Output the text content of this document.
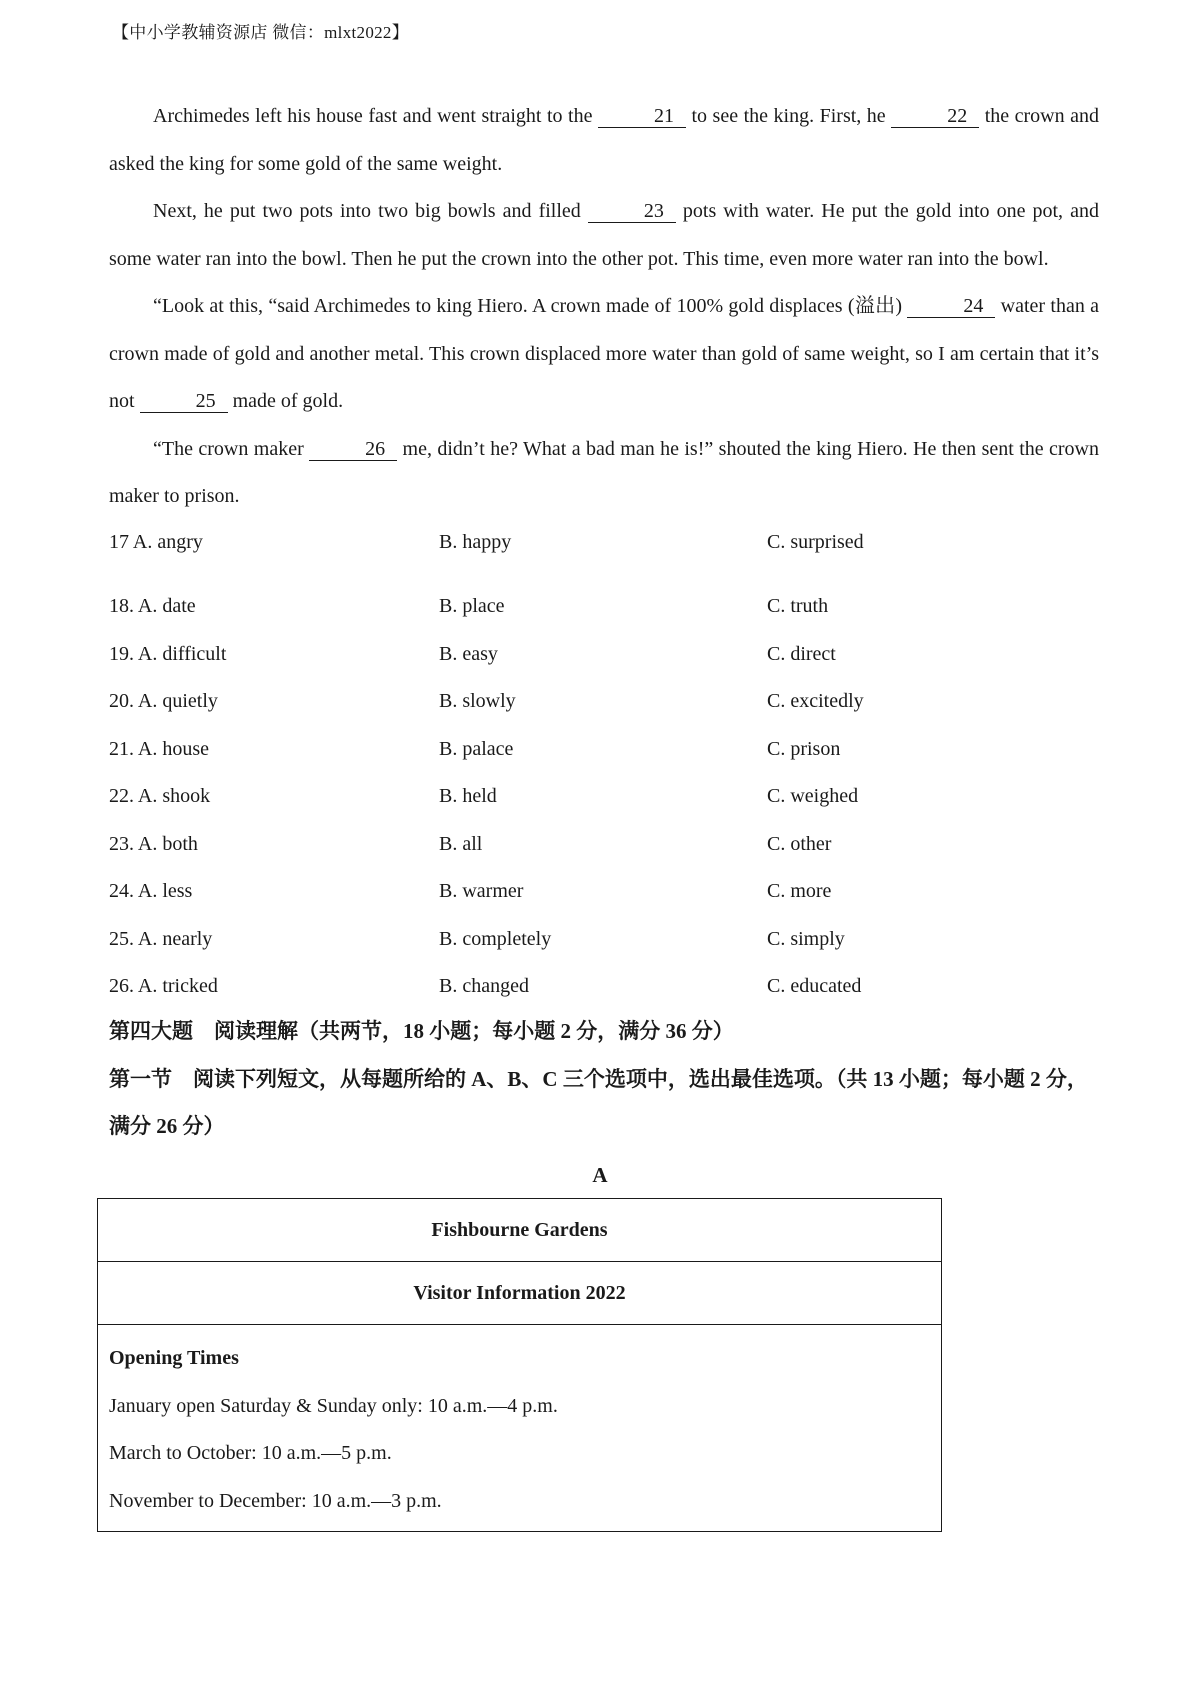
【中小学教辅资源店 微信：mlxt2022】

Archimedes left his house fast and went straight to the	21 to see the king. First, he	22 the crown and asked the king for some gold of the same weight.

Next, he put two pots into two big bowls and filled	23 pots with water. He put the gold into one pot, and some water ran into the bowl. Then he put the crown into the other pot. This time, even more water ran into the bowl.

“Look at this, “said Archimedes to king Hiero. A crown made of 100% gold displaces (溢出)	24 water than a crown made of gold and another metal. This crown displaced more water than gold of same weight, so I am certain that it’s not	25 made of gold.

“The crown maker	26 me, didn’t he? What a bad man he is!” shouted the king Hiero. He then sent the crown maker to prison.

17 A. angry	B. happy	C. surprised
18. A. date	B. place	C. truth
19. A. difficult	B. easy	C. direct
20. A. quietly	B. slowly	C. excitedly
21. A. house	B. palace	C. prison
22. A. shook	B. held	C. weighed
23. A. both	B. all	C. other
24. A. less	B. warmer	C. more
25. A. nearly	B. completely	C. simply
26. A. tricked	B. changed	C. educated
第四大题　阅读理解（共两节，18 小题；每小题 2 分，满分 36 分）
第一节　阅读下列短文，从每题所给的 A、B、C 三个选项中，选出最佳选项。（共 13 小题；每小题 2 分，满分 26 分）
A
Fishbourne Gardens
Visitor Information 2022
Opening Times
January open Saturday & Sunday only: 10 a.m.—4 p.m.
March to October: 10 a.m.—5 p.m.
November to December: 10 a.m.—3 p.m.
